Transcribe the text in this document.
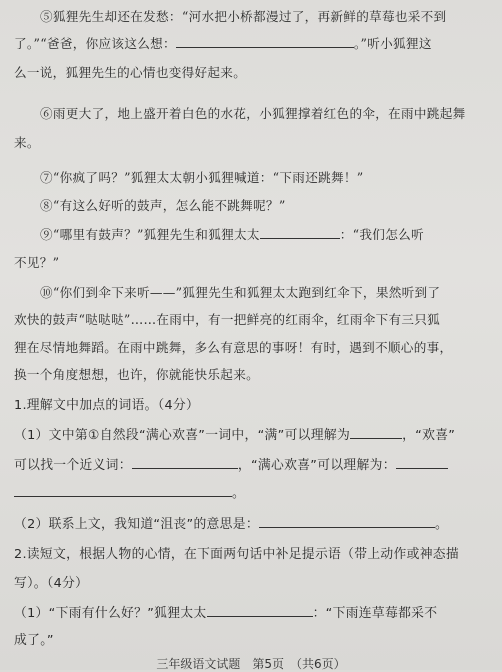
⑤狐狸先生却还在发愁：“河水把小桥都漫过了，再新鲜的草莓也采不到
了。”“爸爸，你应该这么想：	。”听小狐狸这
么一说，狐狸先生的心情也变得好起来。
⑥雨更大了，地上盛开着白色的水花，小狐狸撑着红色的伞，在雨中跳起舞
来。
⑦“你疯了吗？”狐狸太太朝小狐狸喊道：“下雨还跳舞！”
⑧“有这么好听的鼓声，怎么能不跳舞呢？”
⑨“哪里有鼓声？”狐狸先生和狐狸太太	：“我们怎么听
不见？”
⑩“你们到伞下来听——”狐狸先生和狐狸太太跑到红伞下，果然听到了
欢快的鼓声“哒哒哒”……在雨中，有一把鲜亮的红雨伞，红雨伞下有三只狐
狸在尽情地舞蹈。在雨中跳舞，多么有意思的事呀！有时，遇到不顺心的事，
换一个角度想想，也许，你就能快乐起来。
1.理解文中加点的词语。（4分）
（1）文中第①自然段“满心欢喜”一词中，“满”可以理解为	，“欢喜”
可以找一个近义词：	，“满心欢喜”可以理解为：
。
（2）联系上文，我知道“沮丧”的意思是：	。
2.读短文，根据人物的心情，在下面两句话中补足提示语（带上动作或神态描
写）。（4分）
（1）“下雨有什么好？”狐狸太太	：“下雨连草莓都采不
成了。”
三年级语文试题　第5页　（共6页）
